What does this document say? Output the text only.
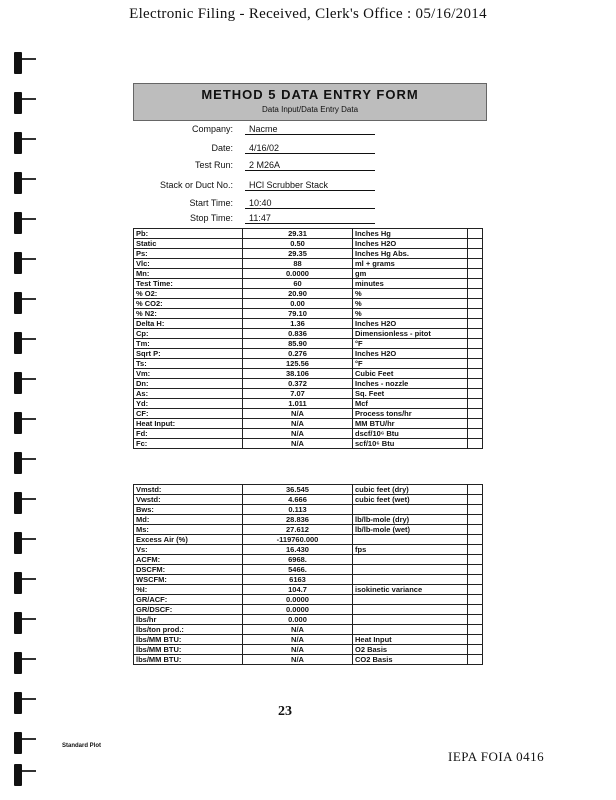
Electronic Filing - Received, Clerk's Office : 05/16/2014
METHOD 5 DATA ENTRY FORM
Data Input/Data Entry Data
Company:	Nacme
Date:	4/16/02
Test Run:	2 M26A
Stack or Duct No.:	HCl Scrubber Stack
Start Time:	10:40
Stop Time:	11:47
Pb:	29.31	Inches Hg	
Static	0.50	Inches H2O	
Ps:	29.35	Inches Hg Abs.	
Vlc:	88	ml + grams	
Mn:	0.0000	gm	
Test Time:	60	minutes	
% O2:	20.90	%	
% CO2:	0.00	%	
% N2:	79.10	%	
Delta H:	1.36	Inches H2O	
Cp:	0.836	Dimensionless - pitot	
Tm:	85.90	°F	
Sqrt P:	0.276	Inches H2O	
Ts:	125.56	°F	
Vm:	38.106	Cubic Feet	
Dn:	0.372	Inches - nozzle	
As:	7.07	Sq. Feet	
Yd:	1.011	Mcf	
CF:	N/A	Process tons/hr	
Heat Input:	N/A	MM BTU/hr	
Fd:	N/A	dscf/10⁶ Btu	
Fc:	N/A	scf/10⁶ Btu	
Vmstd:	36.545	cubic feet (dry)	
Vwstd:	4.666	cubic feet (wet)	
Bws:	0.113		
Md:	28.836	lb/lb-mole (dry)	
Ms:	27.612	lb/lb-mole (wet)	
Excess Air (%)	-119760.000		
Vs:	16.430	fps	
ACFM:	6968.		
DSCFM:	5466.		
WSCFM:	6163		
%I:	104.7	isokinetic variance	
GR/ACF:	0.0000		
GR/DSCF:	0.0000		
lbs/hr	0.000		
lbs/ton prod.:	N/A		
lbs/MM BTU:	N/A	Heat Input	
lbs/MM BTU:	N/A	O2 Basis	
lbs/MM BTU:	N/A	CO2 Basis	
23
Standard Plot
IEPA FOIA 0416
